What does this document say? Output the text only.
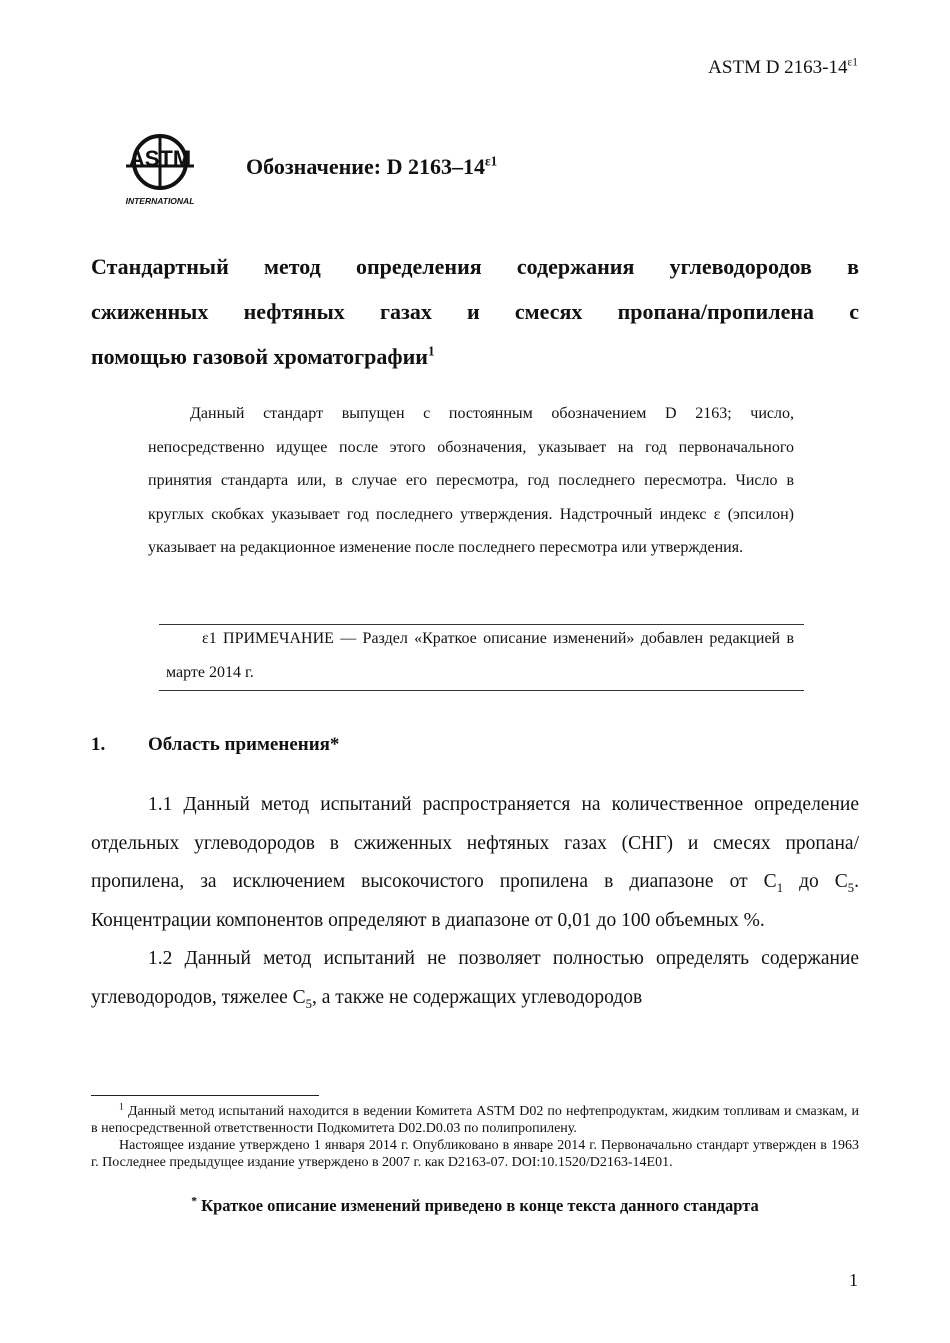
ASTM D $2163-14^{\varepsilon 1}$
ASTM
INTERNATIONAL
Обозначение: D $2163-14^{\varepsilon 1}$
Стандартный метод определения содержания углеводородов в
сжиженных нефтяных газах и смесях пропана/пропилена с
помощью газовой хроматографии$^1$

Данный стандарт выпущен с постоянным обозначением D 2163; число, непосредственно идущее после этого обозначения, указывает на год первоначального принятия стандарта или, в случае его пересмотра, год последнего пересмотра. Число в круглых скобках указывает год последнего утверждения. Надстрочный индекс ε (эпсилон) указывает на редакционное изменение после последнего пересмотра или утверждения.

ε1 ПРИМЕЧАНИЕ — Раздел «Краткое описание изменений» добавлен редакцией в марте 2014 г.

1. Область применения*

1.1 Данный метод испытаний распространяется на количественное определение отдельных углеводородов в сжиженных нефтяных газах (СНГ) и смесях пропана/пропилена, за исключением высокочистого пропилена в диапазоне от $С_1$ до $С_5$. Концентрации компонентов определяют в диапазоне от 0,01 до 100 объемных %.

1.2 Данный метод испытаний не позволяет полностью определять содержание углеводородов, тяжелее $С_5$, а также не содержащих углеводородов

$^1$ Данный метод испытаний находится в ведении Комитета ASTM D02 по нефтепродуктам, жидким топливам и смазкам, и в непосредственной ответственности Подкомитета D02.D0.03 по полипропилену.

Настоящее издание утверждено 1 января 2014 г. Опубликовано в январе 2014 г. Первоначально стандарт утвержден в 1963 г. Последнее предыдущее издание утверждено в 2007 г. как D2163-07. DOI:10.1520/D2163-14E01.

* Краткое описание изменений приведено в конце текста данного стандарта
1
